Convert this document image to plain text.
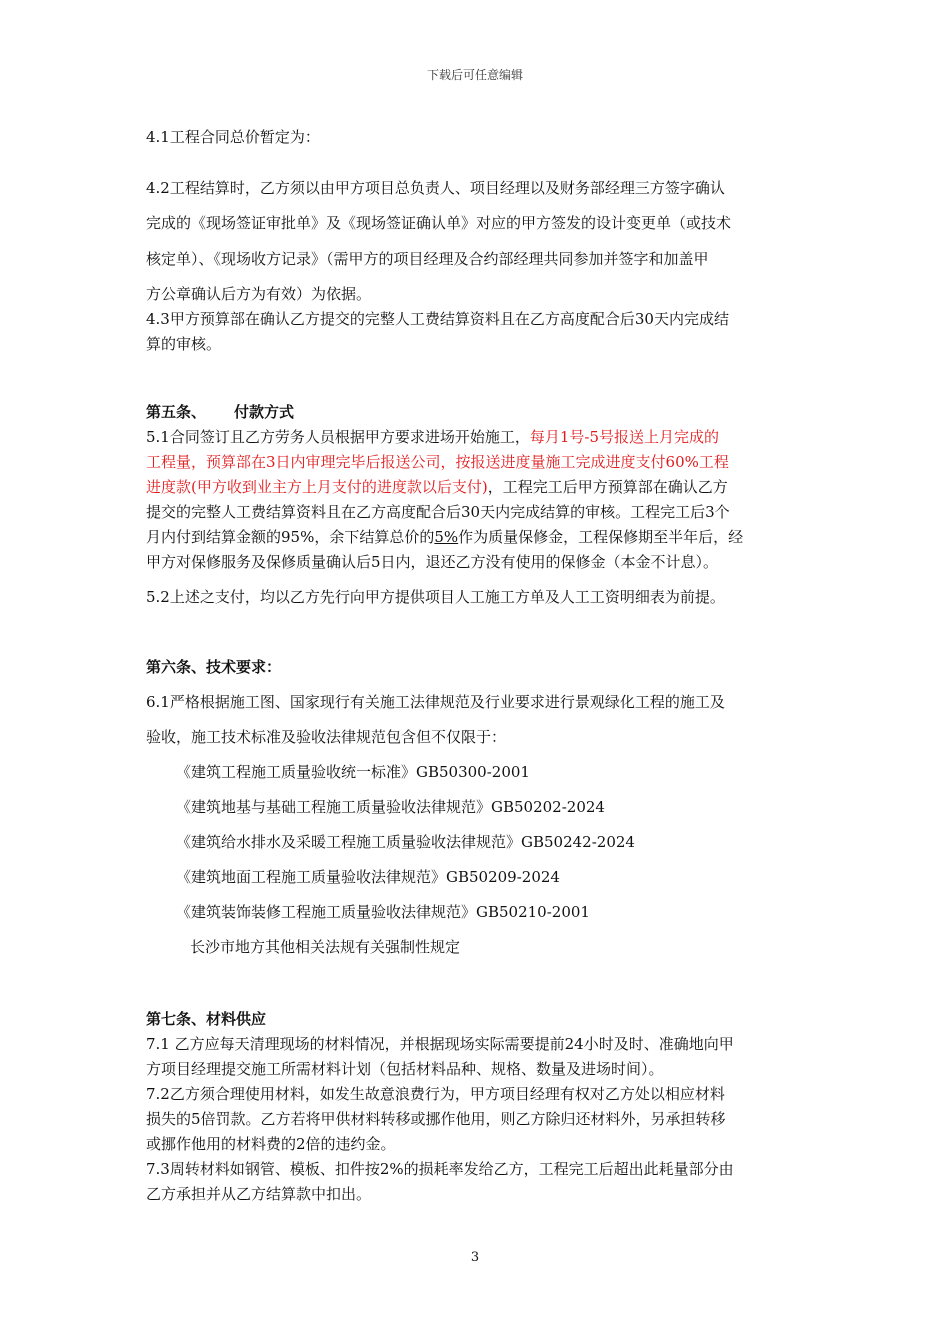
下载后可任意编辑
4.1工程合同总价暂定为：
4.2工程结算时，乙方须以由甲方项目总负责人、项目经理以及财务部经理三方签字确认
完成的《现场签证审批单》及《现场签证确认单》对应的甲方签发的设计变更单（或技术
核定单）、《现场收方记录》（需甲方的项目经理及合约部经理共同参加并签字和加盖甲
方公章确认后方为有效）为依据。
4.3甲方预算部在确认乙方提交的完整人工费结算资料且在乙方高度配合后30天内完成结
算的审核。
第五条、 付款方式
5.1合同签订且乙方劳务人员根据甲方要求进场开始施工，每月1号-5号报送上月完成的
工程量，预算部在3日内审理完毕后报送公司，按报送进度量施工完成进度支付60%工程
进度款(甲方收到业主方上月支付的进度款以后支付)，工程完工后甲方预算部在确认乙方
提交的完整人工费结算资料且在乙方高度配合后30天内完成结算的审核。工程完工后3个
月内付到结算金额的95%，余下结算总价的5%作为质量保修金，工程保修期至半年后，经
甲方对保修服务及保修质量确认后5日内，退还乙方没有使用的保修金（本金不计息）。
5.2上述之支付，均以乙方先行向甲方提供项目人工施工方单及人工工资明细表为前提。
第六条、技术要求：
6.1严格根据施工图、国家现行有关施工法律规范及行业要求进行景观绿化工程的施工及
验收，施工技术标准及验收法律规范包含但不仅限于：
《建筑工程施工质量验收统一标准》GB50300-2001
《建筑地基与基础工程施工质量验收法律规范》GB50202-2024
《建筑给水排水及采暖工程施工质量验收法律规范》GB50242-2024
《建筑地面工程施工质量验收法律规范》GB50209-2024
《建筑装饰装修工程施工质量验收法律规范》GB50210-2001
长沙市地方其他相关法规有关强制性规定
第七条、材料供应
7.1 乙方应每天清理现场的材料情况，并根据现场实际需要提前24小时及时、准确地向甲
方项目经理提交施工所需材料计划（包括材料品种、规格、数量及进场时间）。
7.2乙方须合理使用材料，如发生故意浪费行为，甲方项目经理有权对乙方处以相应材料
损失的5倍罚款。乙方若将甲供材料转移或挪作他用，则乙方除归还材料外，另承担转移
或挪作他用的材料费的2倍的违约金。
7.3周转材料如钢管、模板、扣件按2%的损耗率发给乙方，工程完工后超出此耗量部分由
乙方承担并从乙方结算款中扣出。
3
